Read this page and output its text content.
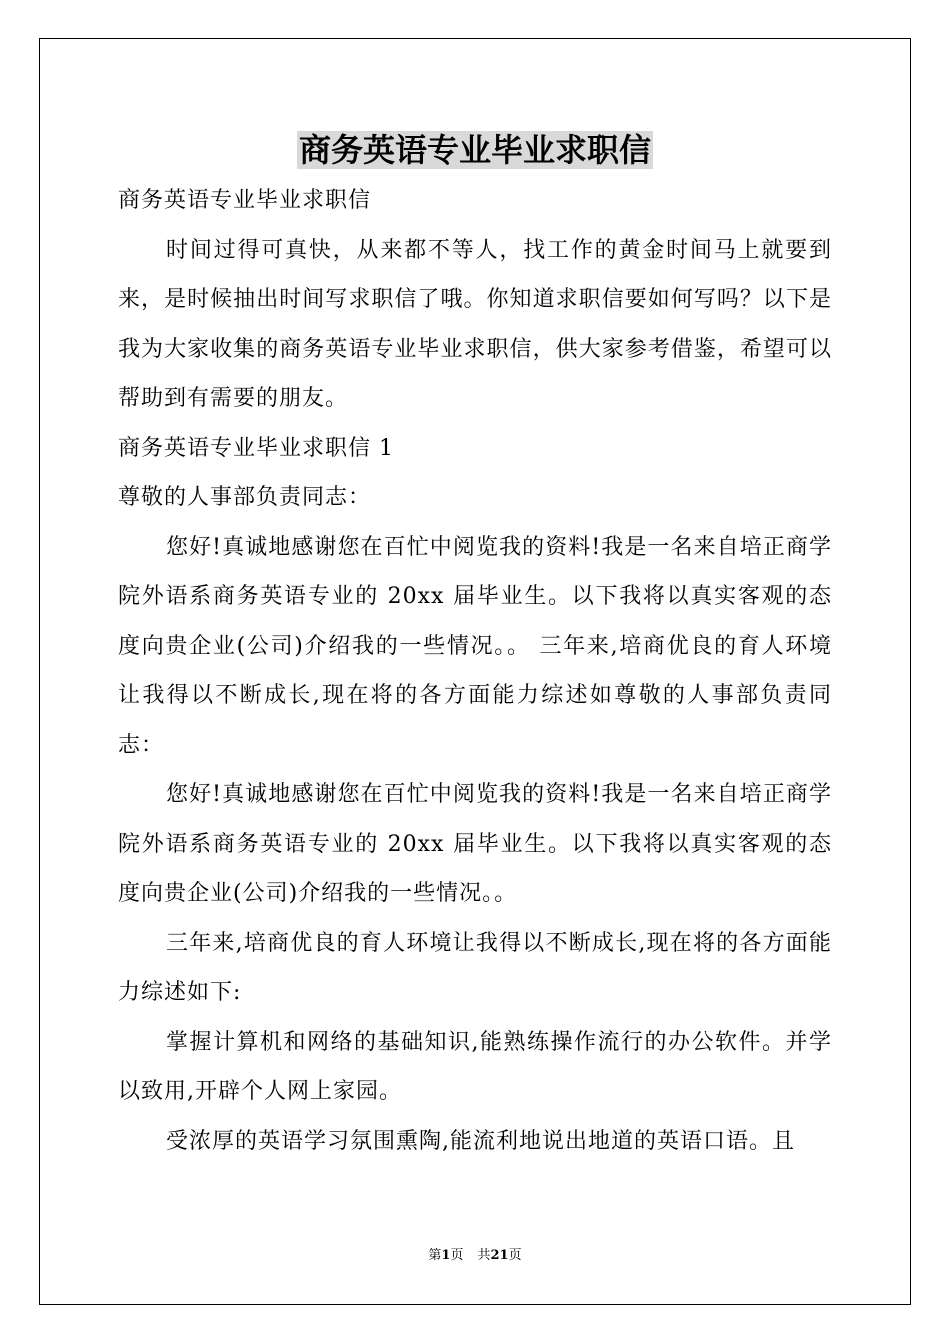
商务英语专业毕业求职信

商务英语专业毕业求职信

时间过得可真快，从来都不等人，找工作的黄金时间马上就要到来，是时候抽出时间写求职信了哦。你知道求职信要如何写吗？以下是我为大家收集的商务英语专业毕业求职信，供大家参考借鉴，希望可以帮助到有需要的朋友。

商务英语专业毕业求职信 1

尊敬的人事部负责同志：

您好!真诚地感谢您在百忙中阅览我的资料!我是一名来自培正商学院外语系商务英语专业的 20xx 届毕业生。以下我将以真实客观的态度向贵企业(公司)介绍我的一些情况。。 三年来,培商优良的育人环境让我得以不断成长,现在将的各方面能力综述如尊敬的人事部负责同志：

您好!真诚地感谢您在百忙中阅览我的资料!我是一名来自培正商学院外语系商务英语专业的 20xx 届毕业生。以下我将以真实客观的态度向贵企业(公司)介绍我的一些情况。。

三年来,培商优良的育人环境让我得以不断成长,现在将的各方面能力综述如下:

掌握计算机和网络的基础知识,能熟练操作流行的办公软件。并学以致用,开辟个人网上家园。

受浓厚的英语学习氛围熏陶,能流利地说出地道的英语口语。且

第1页 共21页
